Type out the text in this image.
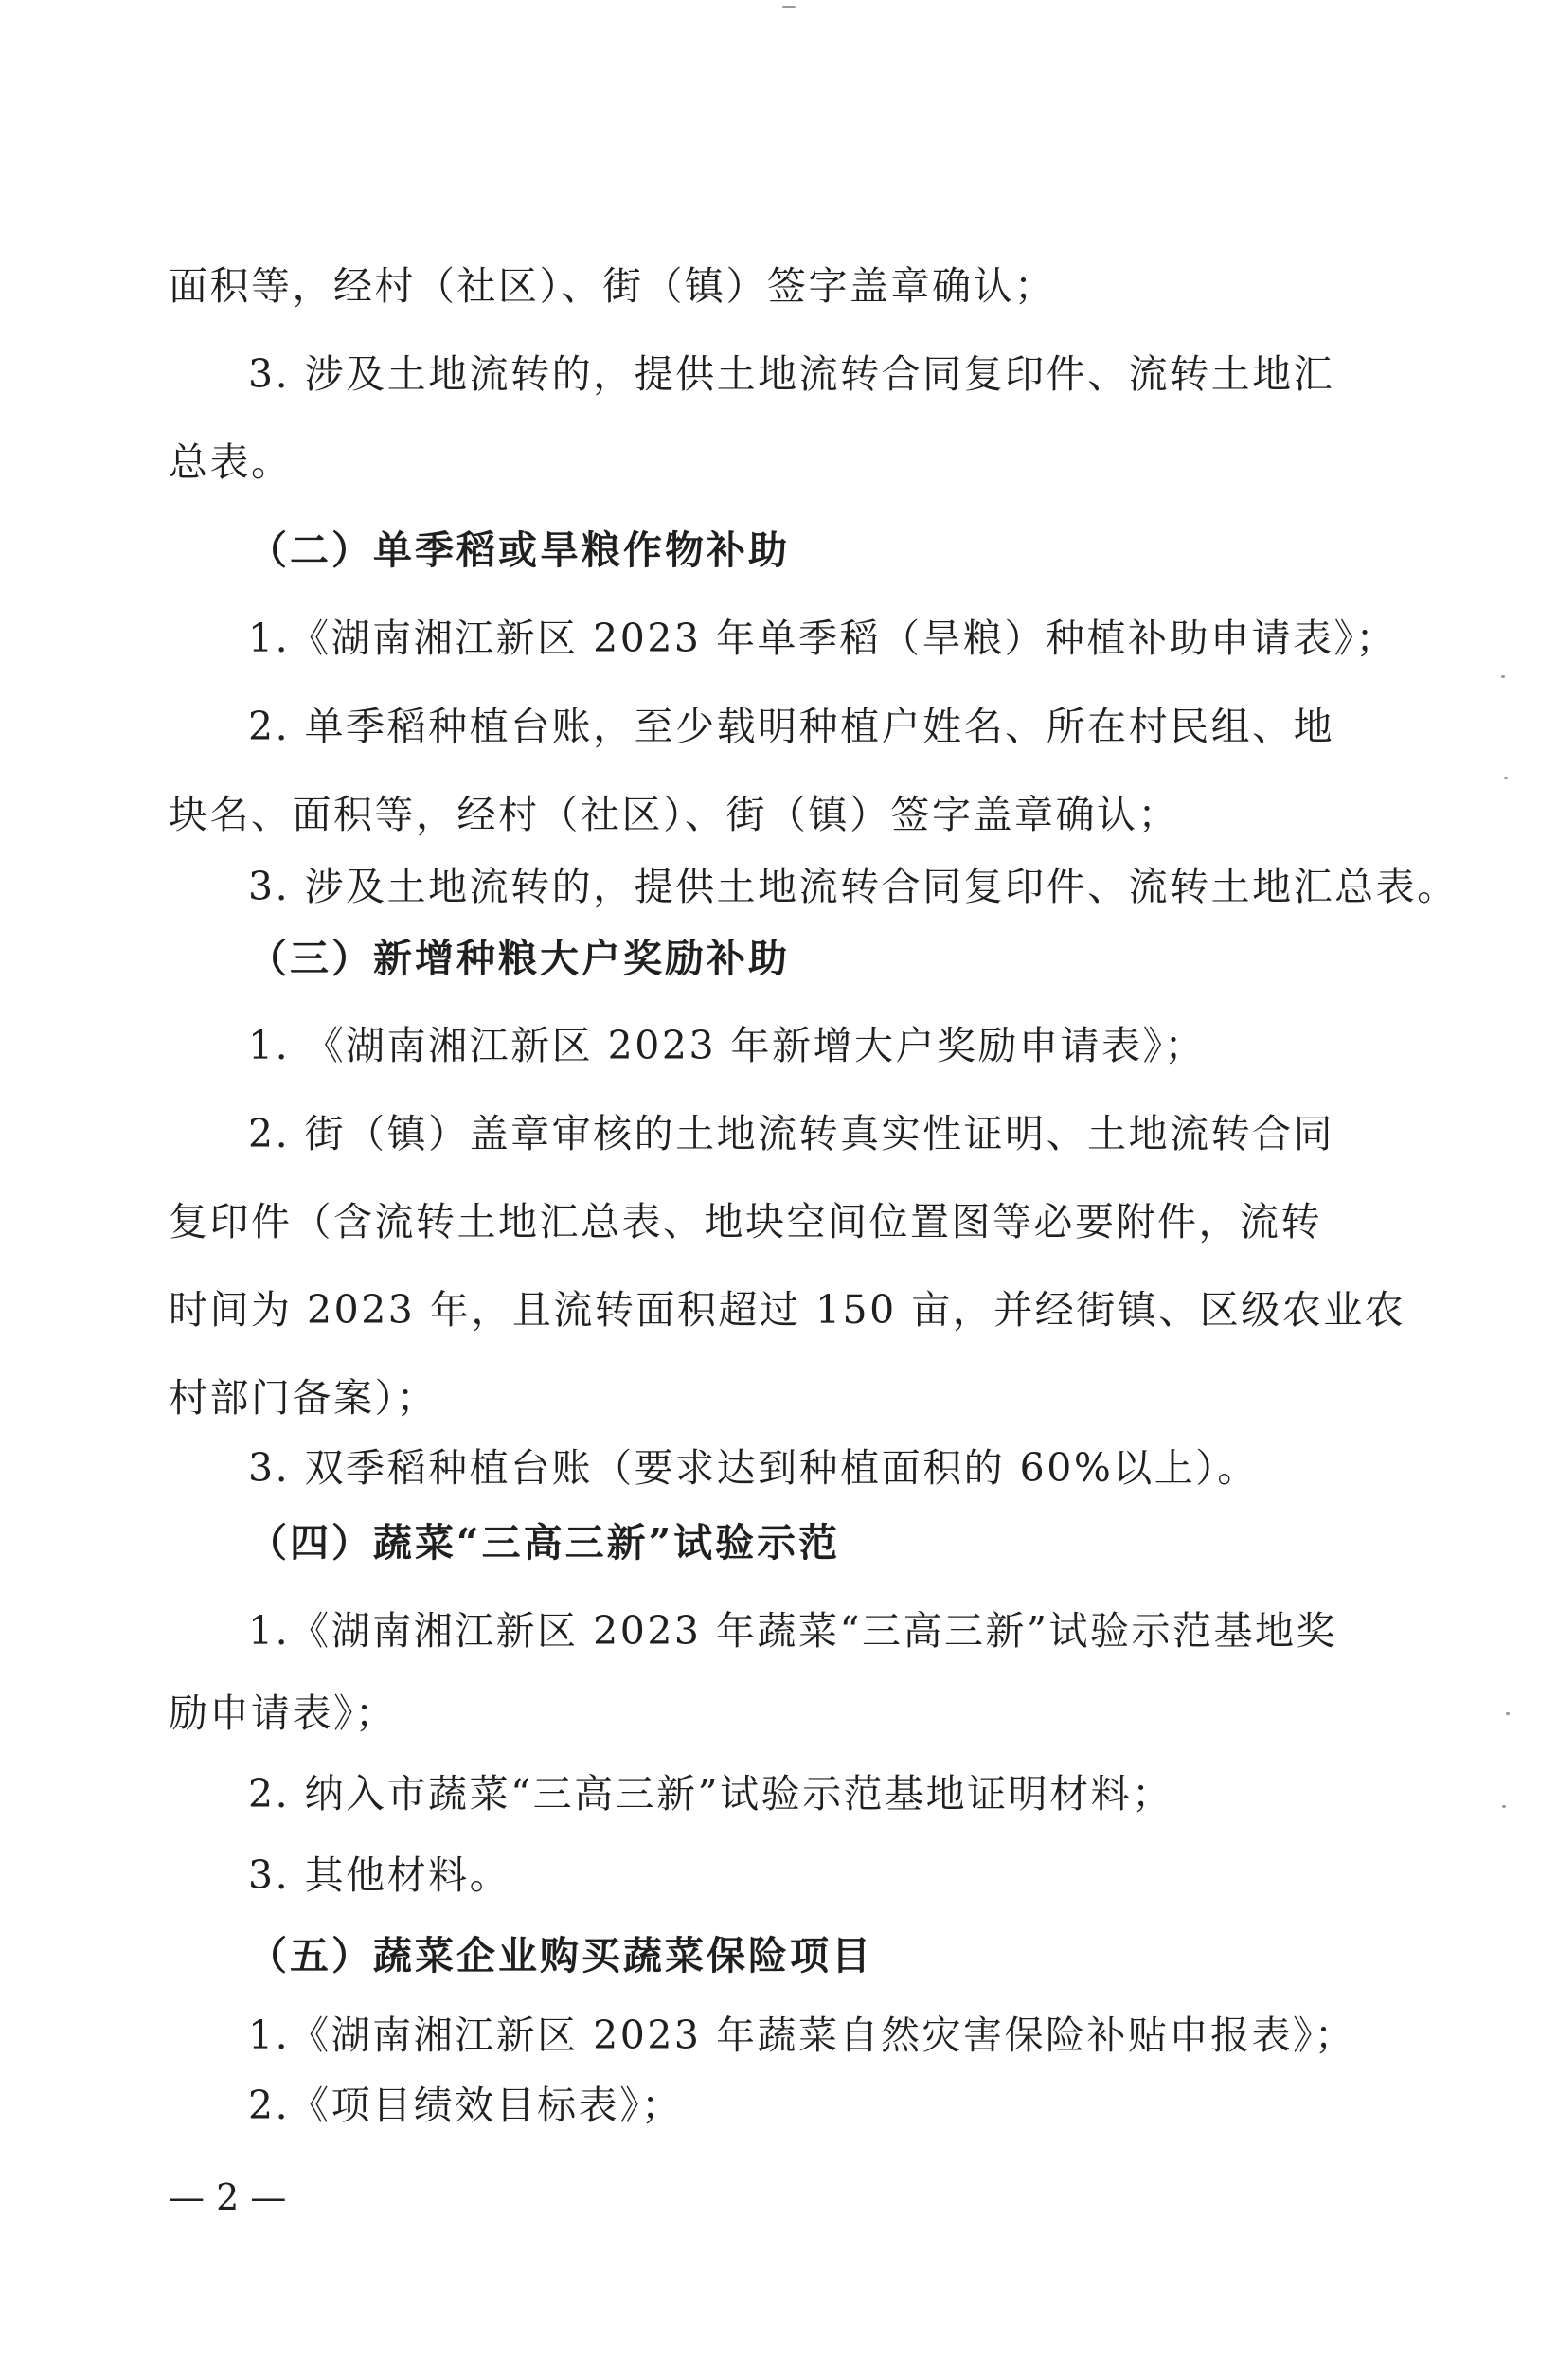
面积等，经村（社区）、街（镇）签字盖章确认；
3. 涉及土地流转的，提供土地流转合同复印件、流转土地汇
总表。
（二）单季稻或旱粮作物补助
1.《湖南湘江新区 2023 年单季稻（旱粮）种植补助申请表》；
2. 单季稻种植台账，至少载明种植户姓名、所在村民组、地
块名、面积等，经村（社区）、街（镇）签字盖章确认；
3. 涉及土地流转的，提供土地流转合同复印件、流转土地汇总表。
（三）新增种粮大户奖励补助
1. 《湖南湘江新区 2023 年新增大户奖励申请表》；
2. 街（镇）盖章审核的土地流转真实性证明、土地流转合同
复印件（含流转土地汇总表、地块空间位置图等必要附件，流转
时间为 2023 年，且流转面积超过 150 亩，并经街镇、区级农业农
村部门备案）；
3. 双季稻种植台账（要求达到种植面积的 60%以上）。
（四）蔬菜“三高三新”试验示范
1.《湖南湘江新区 2023 年蔬菜“三高三新”试验示范基地奖
励申请表》；
2. 纳入市蔬菜“三高三新”试验示范基地证明材料；
3. 其他材料。
（五）蔬菜企业购买蔬菜保险项目
1.《湖南湘江新区 2023 年蔬菜自然灾害保险补贴申报表》；
2.《项目绩效目标表》；
— 2 —
